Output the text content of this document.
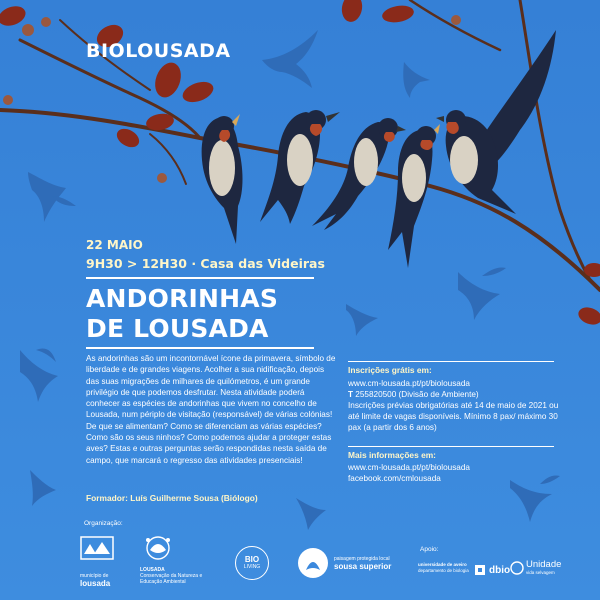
BIOLOUSADA
22 MAIO
9H30 > 12H30 · Casa das Videiras
ANDORINHAS
DE LOUSADA
As andorinhas são um incontornável ícone da primavera, símbolo de liberdade e de grandes viagens. Acolher a sua nidificação, depois das suas migrações de milhares de quilómetros, é um grande privilégio de que podemos desfrutar. Nesta atividade poderá conhecer as espécies de andorinhas que vivem no concelho de Lousada, num périplo de visitação (responsável) de várias colónias! De que se alimentam? Como se diferenciam as várias espécies? Como são os seus ninhos? Como podemos ajudar a proteger estas aves? Estas e outras perguntas serão respondidas nesta saída de campo, que marcará o regresso das atividades presenciais!
Formador: Luís Guilherme Sousa (Biólogo)
Inscrições grátis em:
www.cm-lousada.pt/pt/biolousada
T 255820500 (Divisão de Ambiente)
Inscrições prévias obrigatórias até 14 de maio de 2021 ou até limite de vagas disponíveis. Mínimo 8 pax/ máximo 30 pax (a partir dos 6 anos)
Mais informações em:
www.cm-lousada.pt/pt/biolousada
facebook.com/cmlousada
Organização:
município de
lousada
LOUSADA
Conservação da Natureza e Educação Ambiental
BIO
LIVING
paisagem protegida local
sousa superior
Apoio:
universidade de aveiro
departamento de biologia	dbio Unidade
vida selvagem
